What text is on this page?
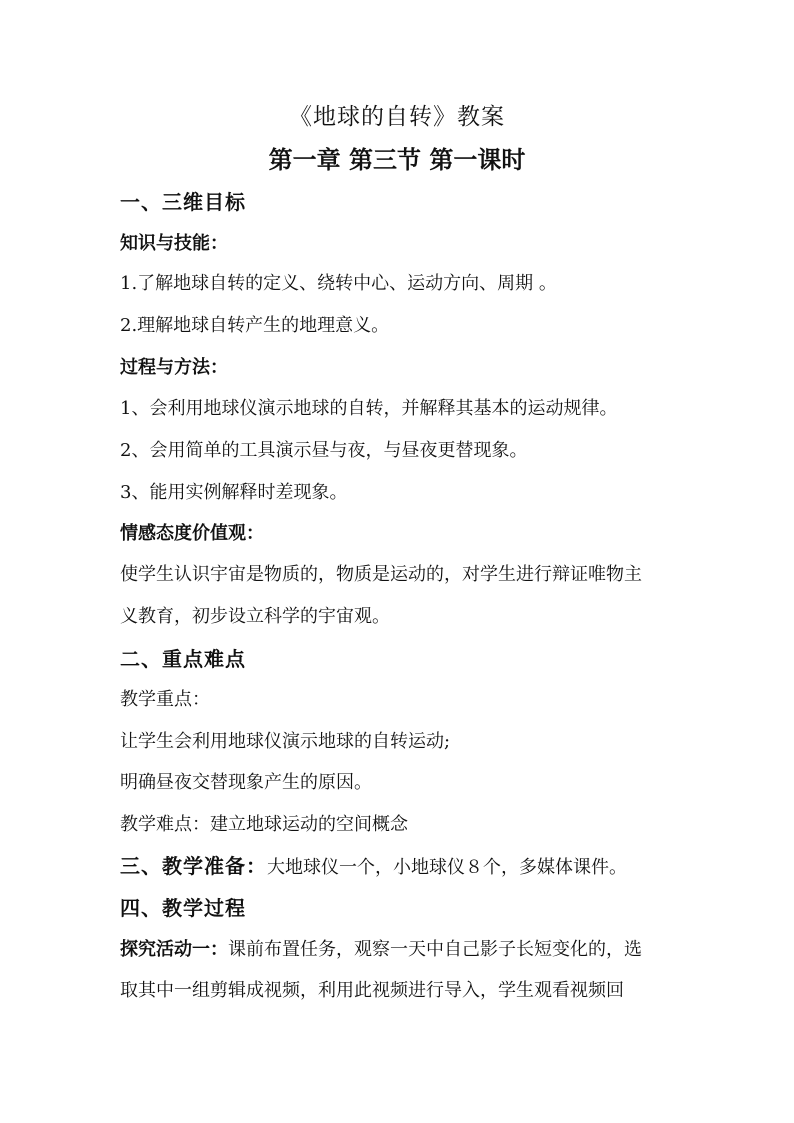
《地球的自转》教案
第一章 第三节 第一课时
一、三维目标
知识与技能：
1.了解地球自转的定义、绕转中心、运动方向、周期 。
2.理解地球自转产生的地理意义。
过程与方法：
1、会利用地球仪演示地球的自转，并解释其基本的运动规律。
2、会用简单的工具演示昼与夜，与昼夜更替现象。
3、能用实例解释时差现象。
情感态度价值观：
使学生认识宇宙是物质的，物质是运动的，对学生进行辩证唯物主
义教育，初步设立科学的宇宙观。
二、重点难点
教学重点：
让学生会利用地球仪演示地球的自转运动;
明确昼夜交替现象产生的原因。
教学难点：建立地球运动的空间概念
三、教学准备：大地球仪一个，小地球仪８个，多媒体课件。
四、教学过程
探究活动一：课前布置任务，观察一天中自己影子长短变化的，选
取其中一组剪辑成视频，利用此视频进行导入，学生观看视频回
